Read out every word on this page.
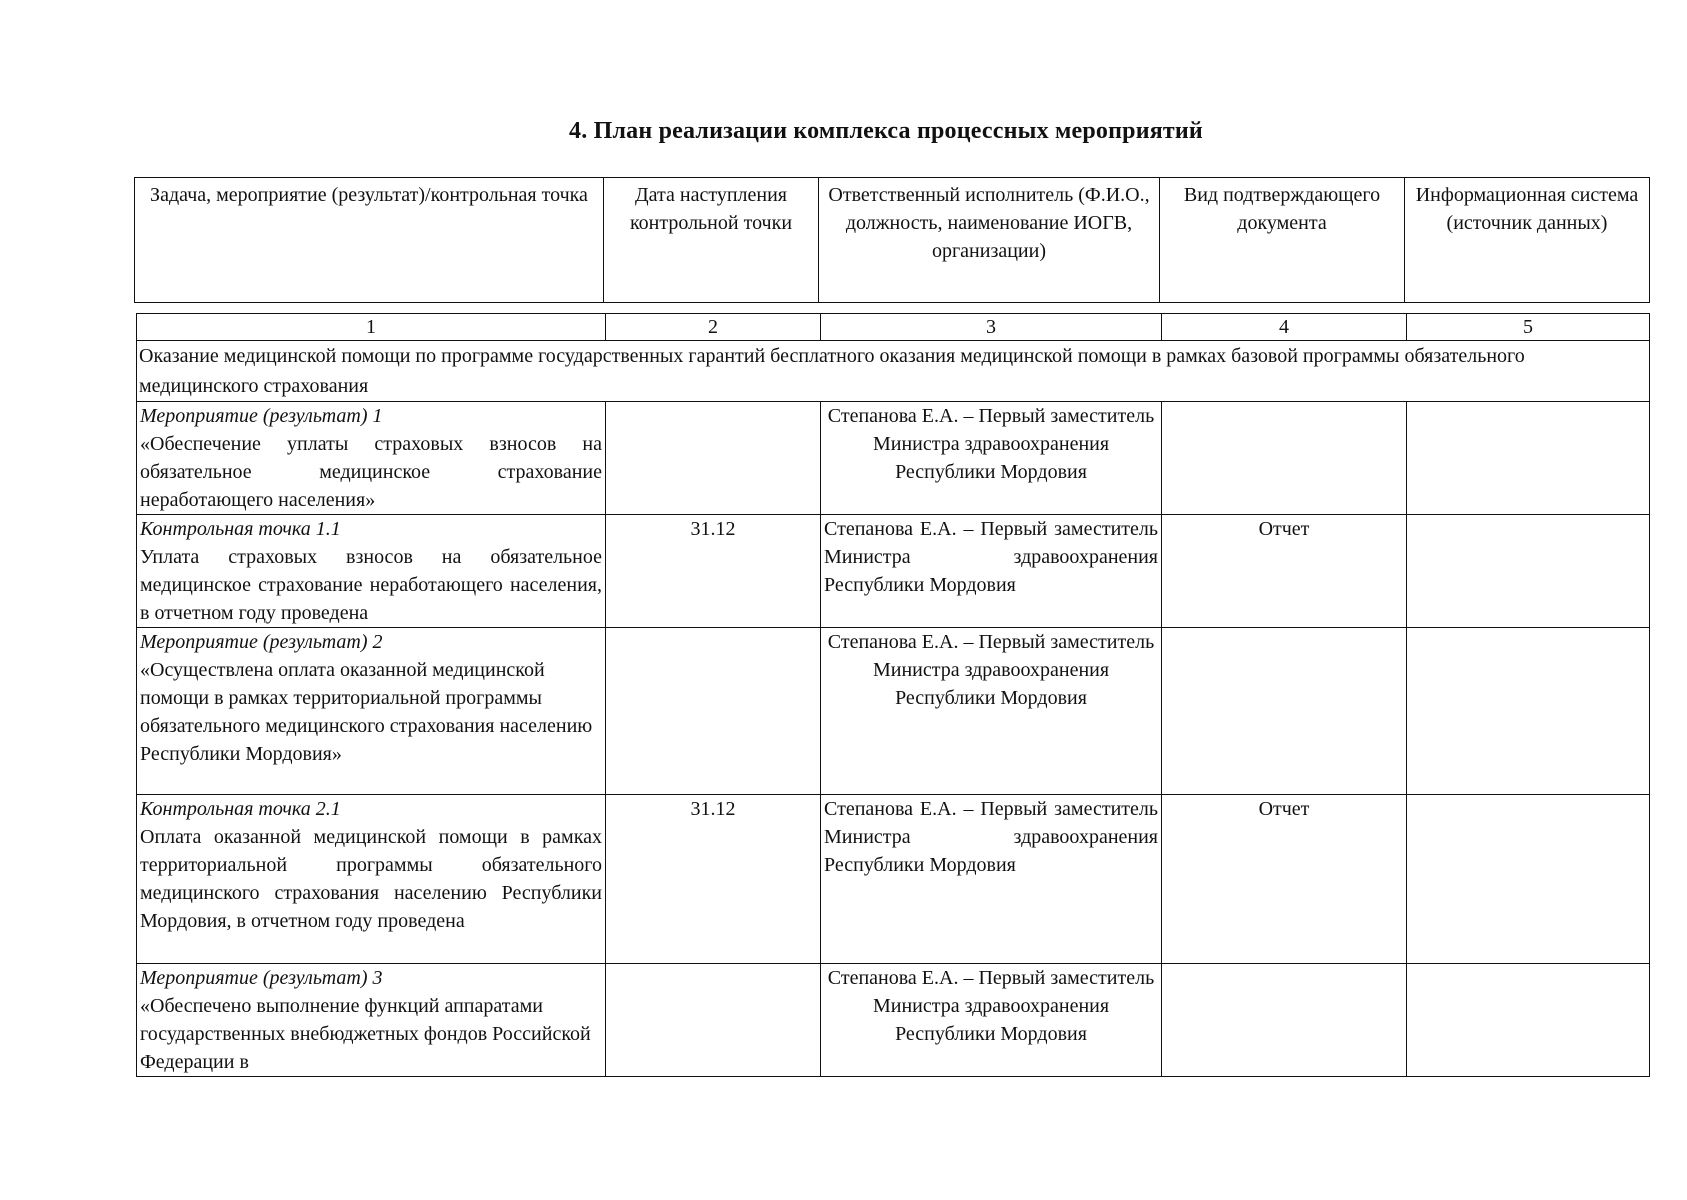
4. План реализации комплекса процессных мероприятий
Задача, мероприятие (результат)/контрольная точка	Дата наступления контрольной точки	Ответственный исполнитель (Ф.И.О., должность, наименование ИОГВ, организации)	Вид подтверждающего документа	Информационная система (источник данных)
1	2	3	4	5
Оказание медицинской помощи по программе государственных гарантий бесплатного оказания медицинской помощи в рамках базовой программы обязательного медицинского страхования				

Мероприятие (результат) 1
«Обеспечение уплаты страховых взносов на обязательное медицинское страхование неработающего населения»		Степанова Е.А. – Первый заместитель Министра здравоохранения Республики Мордовия		

Контрольная точка 1.1
Уплата страховых взносов на обязательное медицинское страхование неработающего населения, в отчетном году проведена	31.12	Степанова Е.А. – Первый заместитель Министра здравоохранения Республики Мордовия	Отчет	

Мероприятие (результат) 2
«Осуществлена оплата оказанной медицинской помощи в рамках территориальной программы обязательного медицинского страхования населению Республики Мордовия»		Степанова Е.А. – Первый заместитель Министра здравоохранения Республики Мордовия		

Контрольная точка 2.1
Оплата оказанной медицинской помощи в рамках территориальной программы обязательного медицинского страхования населению Республики Мордовия, в отчетном году проведена	31.12	Степанова Е.А. – Первый заместитель Министра здравоохранения Республики Мордовия	Отчет	

Мероприятие (результат) 3
«Обеспечено выполнение функций аппаратами государственных внебюджетных фондов Российской Федерации в		Степанова Е.А. – Первый заместитель Министра здравоохранения Республики Мордовия		
